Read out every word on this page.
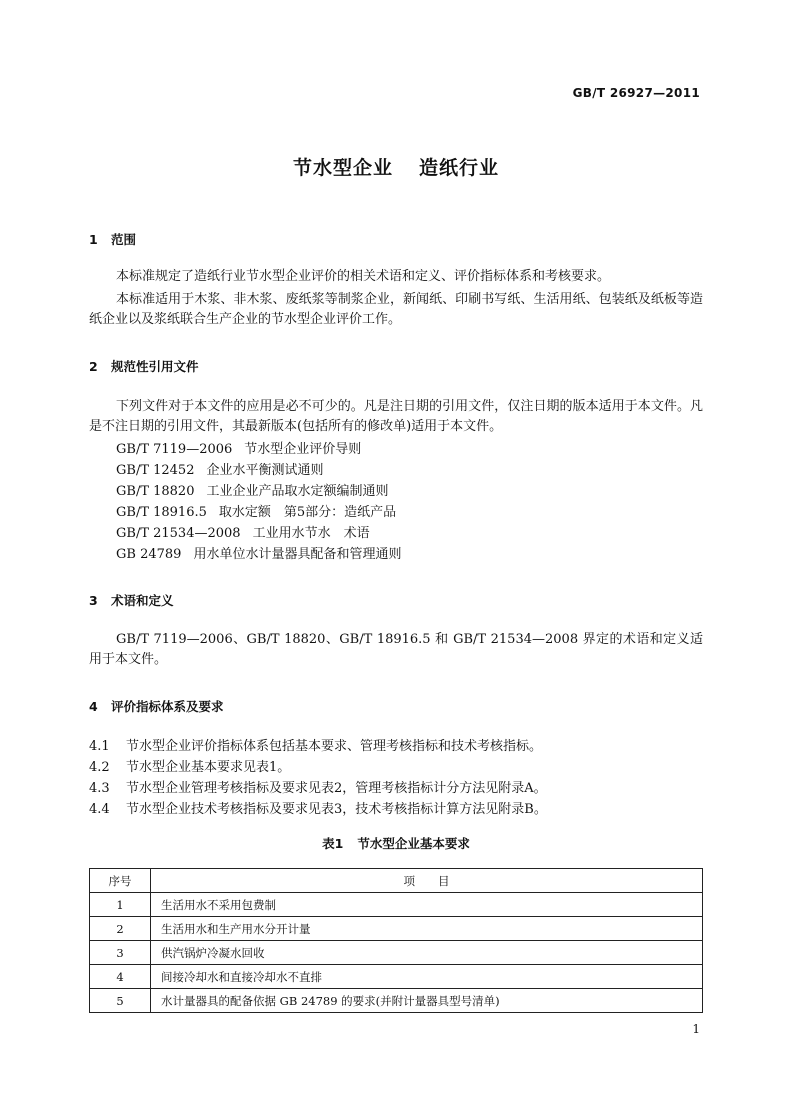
GB/T 26927—2011
节水型企业 造纸行业
1 范围
本标准规定了造纸行业节水型企业评价的相关术语和定义、评价指标体系和考核要求。
本标准适用于木浆、非木浆、废纸浆等制浆企业，新闻纸、印刷书写纸、生活用纸、包装纸及纸板等造纸企业以及浆纸联合生产企业的节水型企业评价工作。
2 规范性引用文件
下列文件对于本文件的应用是必不可少的。凡是注日期的引用文件，仅注日期的版本适用于本文件。凡是不注日期的引用文件，其最新版本(包括所有的修改单)适用于本文件。
GB/T 7119—2006 节水型企业评价导则
GB/T 12452 企业水平衡测试通则
GB/T 18820 工业企业产品取水定额编制通则
GB/T 18916.5 取水定额　第5部分：造纸产品
GB/T 21534—2008 工业用水节水　术语
GB 24789 用水单位水计量器具配备和管理通则
3 术语和定义
GB/T 7119—2006、GB/T 18820、GB/T 18916.5 和 GB/T 21534—2008 界定的术语和定义适用于本文件。
4 评价指标体系及要求
4.1 节水型企业评价指标体系包括基本要求、管理考核指标和技术考核指标。
4.2 节水型企业基本要求见表1。
4.3 节水型企业管理考核指标及要求见表2，管理考核指标计分方法见附录A。
4.4 节水型企业技术考核指标及要求见表3，技术考核指标计算方法见附录B。
表1 节水型企业基本要求
序号	项　　目
1	生活用水不采用包费制
2	生活用水和生产用水分开计量
3	供汽锅炉冷凝水回收
4	间接冷却水和直接冷却水不直排
5	水计量器具的配备依据 GB 24789 的要求(并附计量器具型号清单)
1
